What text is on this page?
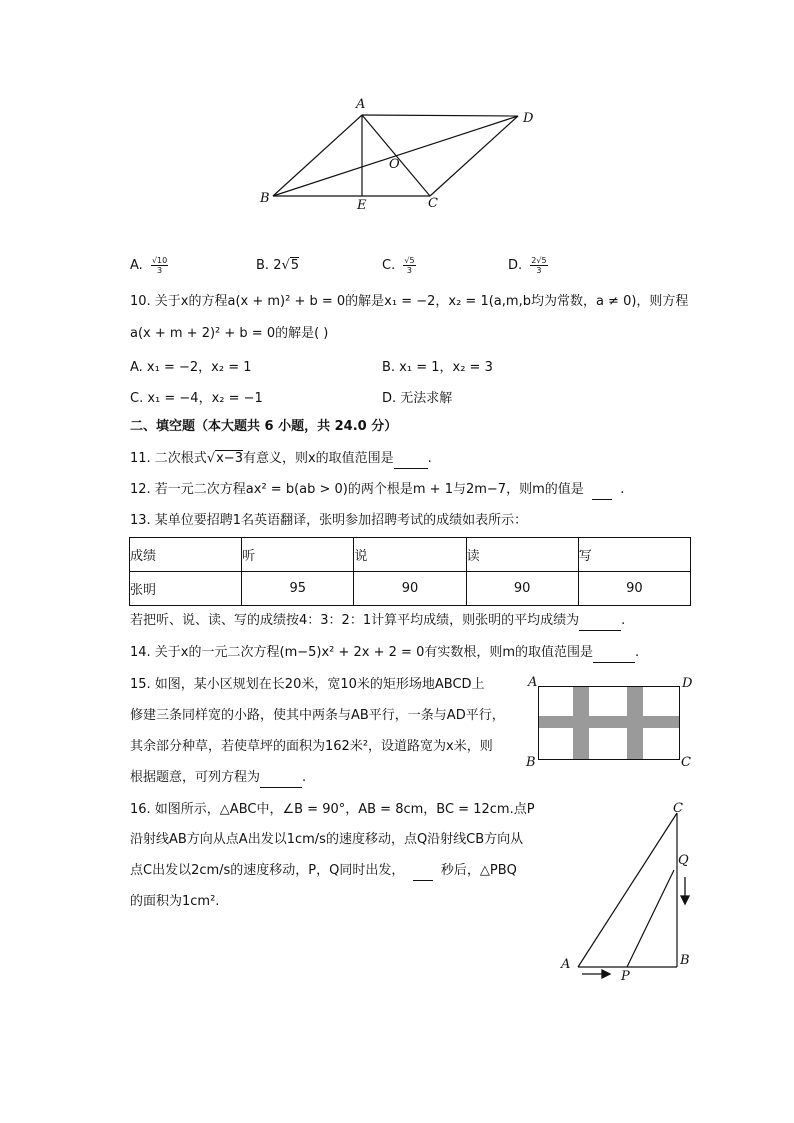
A
D
O
B	E	C
A. $\frac{√10}{3}$	B. 2√5	C. $\frac{√5}{3}$	D. $\frac{2√5}{3}$
10. 关于x的方程a(x + m)² + b = 0的解是x₁ = −2，x₂ = 1(a,m,b均为常数，a ≠ 0)，则方程
a(x + m + 2)² + b = 0的解是( )
A. x₁ = −2，x₂ = 1	B. x₁ = 1，x₂ = 3
C. x₁ = −4，x₂ = −1	D. 无法求解
二、填空题（本大题共 6 小题，共 24.0 分）
11. 二次根式√x−3有意义，则x的取值范围是	.
12. 若一元二次方程ax² = b(ab > 0)的两个根是m + 1与2m−7，则m的值是	.
13. 某单位要招聘1名英语翻译，张明参加招聘考试的成绩如表所示：
成绩	听	说	读	写
张明	95	90	90	90
若把听、说、读、写的成绩按4：3：2：1计算平均成绩，则张明的平均成绩为	.
14. 关于x的一元二次方程(m−5)x² + 2x + 2 = 0有实数根，则m的取值范围是	.
15. 如图，某小区规划在长20米，宽10米的矩形场地ABCD上
修建三条同样宽的小路，使其中两条与AB平行，一条与AD平行，
其余部分种草，若使草坪的面积为162米²，设道路宽为x米，则
根据题意，可列方程为	.
A	D
B	C
16. 如图所示，△ABC中，∠B = 90°，AB = 8cm，BC = 12cm.点P
沿射线AB方向从点A出发以1cm/s的速度移动，点Q沿射线CB方向从
点C出发以2cm/s的速度移动，P，Q同时出发，	秒后，△PBQ
的面积为1cm².
C
Q
A	B
P
